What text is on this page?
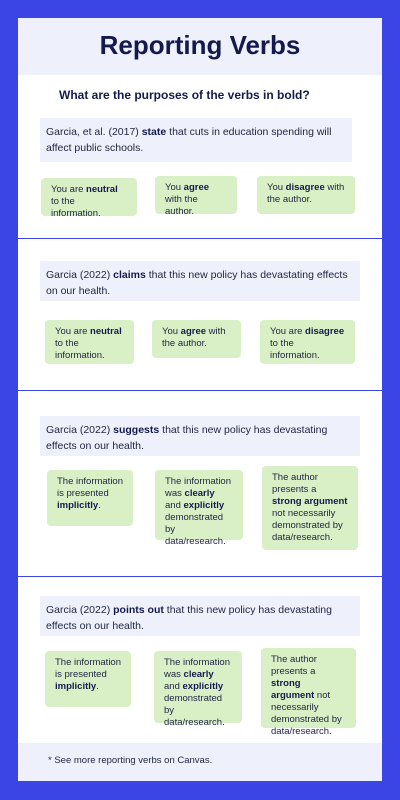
Reporting Verbs
What are the purposes of the verbs in bold?
Garcia, et al. (2017) state that cuts in education spending will affect public schools.
You are neutral to the information.
You agree with the author.
You disagree with the author.
Garcia (2022) claims that this new policy has devastating effects on our health.
You are neutral to the information.
You agree with the author.
You are disagree to the information.
Garcia (2022) suggests that this new policy has devastating effects on our health.
The information is presented implicitly.
The information was clearly and explicitly demonstrated by data/research.
The author presents a strong argument not necessarily demonstrated by data/research.
Garcia (2022) points out that this new policy has devastating effects on our health.
The information is presented implicitly.
The information was clearly and explicitly demonstrated by data/research.
The author presents a strong argument not necessarily demonstrated by data/research.
* See more reporting verbs on Canvas.
